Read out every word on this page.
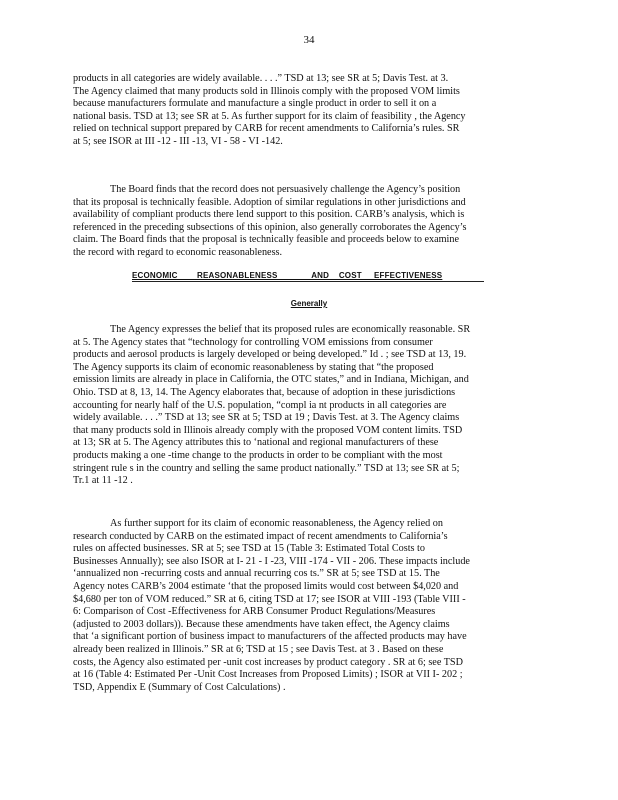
34
products in all categories are widely available. . . .” TSD at 13; see SR at 5; Davis Test. at 3.
The Agency claimed that many products sold in Illinois comply with the proposed VOM limits
because manufacturers formulate and manufacture a single product in order to sell it on a
national basis. TSD at 13; see SR at 5. As further support for its claim of feasibility , the Agency
relied on technical support prepared by CARB for recent amendments to California’s rules. SR
at 5; see ISOR at III -12 - III -13, VI - 58 - VI -142.
The Board finds that the record does not persuasively challenge the Agency’s position
that its proposal is technically feasible. Adoption of similar regulations in other jurisdictions and
availability of compliant products there lend support to this position. CARB’s analysis, which is
referenced in the preceding subsections of this opinion, also generally corroborates the Agency’s
claim. The Board finds that the proposal is technically feasible and proceeds below to examine
the record with regard to economic reasonableness.
ECONOMIC        REASONABLENESS              AND    COST     EFFECTIVENESS
Generally
The Agency expresses the belief that its proposed rules are economically reasonable. SR
at 5. The Agency states that “technology for controlling VOM emissions from consumer
products and aerosol products is largely developed or being developed.” Id . ; see TSD at 13, 19.
The Agency supports its claim of economic reasonableness by stating that “the proposed
emission limits are already in place in California, the OTC states,” and in Indiana, Michigan, and
Ohio. TSD at 8, 13, 14. The Agency elaborates that, because of adoption in these jurisdictions
accounting for nearly half of the U.S. population, “compl ia nt products in all categories are
widely available. . . .” TSD at 13; see SR at 5; TSD at 19 ; Davis Test. at 3. The Agency claims
that many products sold in Illinois already comply with the proposed VOM content limits. TSD
at 13; SR at 5. The Agency attributes this to ‘national and regional manufacturers of these
products making a one -time change to the products in order to be compliant with the most
stringent rule s in the country and selling the same product nationally.” TSD at 13; see SR at 5;
Tr.1 at 11 -12 .
As further support for its claim of economic reasonableness, the Agency relied on
research conducted by CARB on the estimated impact of recent amendments to California’s
rules on affected businesses. SR at 5; see TSD at 15 (Table 3: Estimated Total Costs to
Businesses Annually); see also ISOR at I- 21 - I -23, VIII -174 - VII - 206. These impacts include
‘annualized non -recurring costs and annual recurring cos ts.” SR at 5; see TSD at 15. The
Agency notes CARB’s 2004 estimate ‘that the proposed limits would cost between $4,020 and
$4,680 per ton of VOM reduced.” SR at 6, citing TSD at 17; see ISOR at VIII -193 (Table VIII -
6: Comparison of Cost -Effectiveness for ARB Consumer Product Regulations/Measures
(adjusted to 2003 dollars)). Because these amendments have taken effect, the Agency claims
that ‘a significant portion of business impact to manufacturers of the affected products may have
already been realized in Illinois.” SR at 6; TSD at 15 ; see Davis Test. at 3 . Based on these
costs, the Agency also estimated per -unit cost increases by product category . SR at 6; see TSD
at 16 (Table 4: Estimated Per -Unit Cost Increases from Proposed Limits) ; ISOR at VII I- 202 ;
TSD, Appendix E (Summary of Cost Calculations) .
